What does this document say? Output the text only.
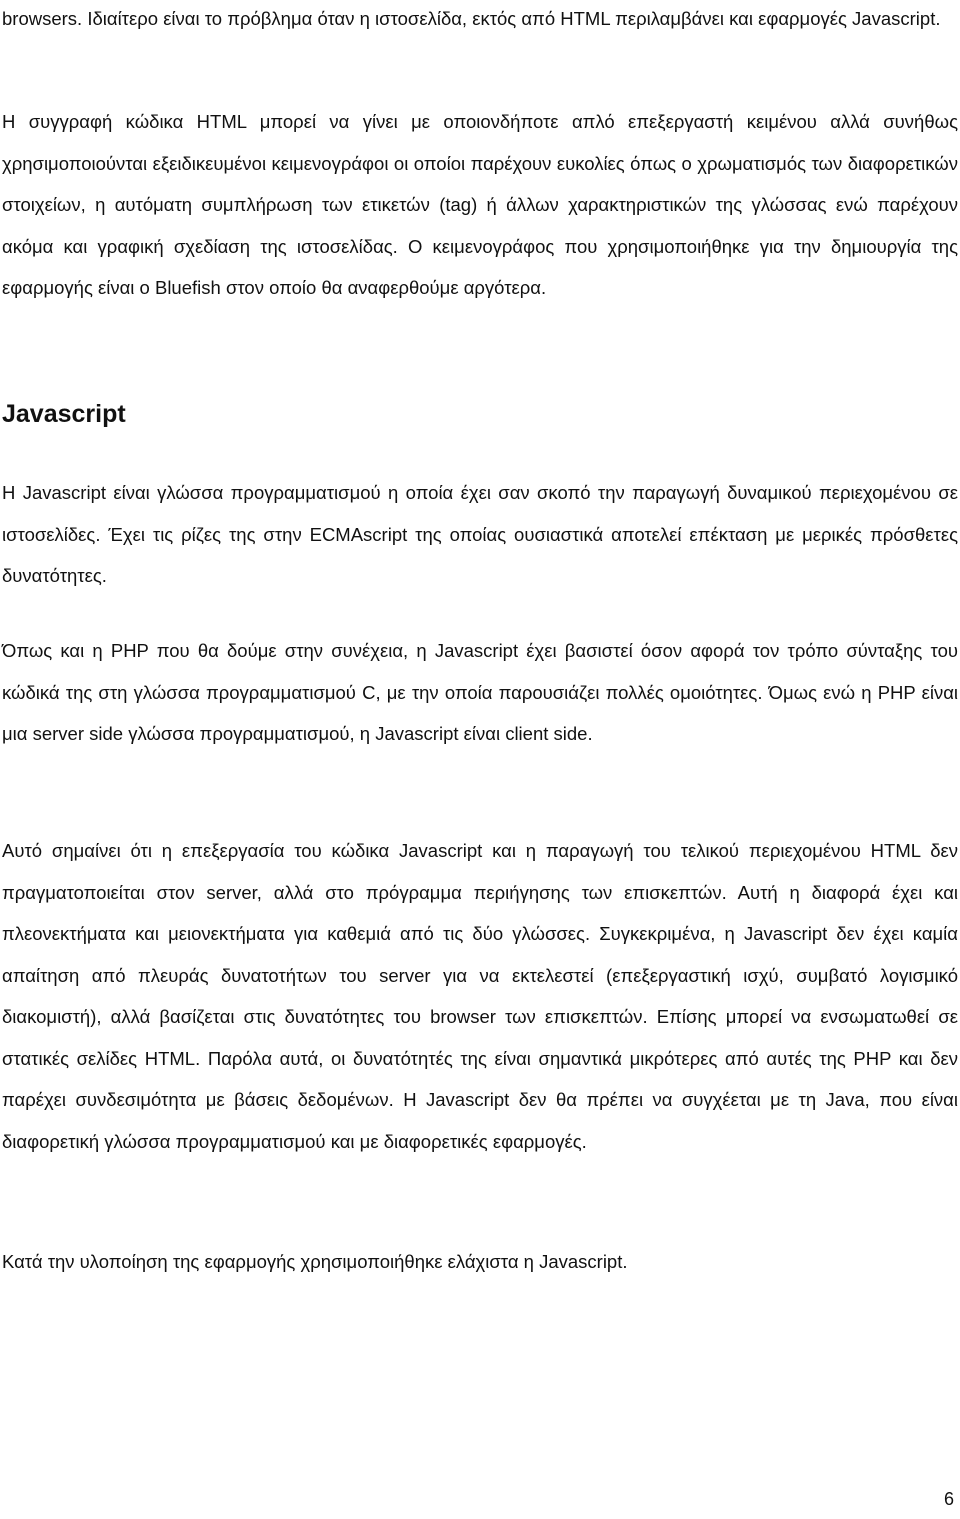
browsers. Ιδιαίτερο είναι το πρόβλημα όταν η ιστοσελίδα, εκτός από HTML περιλαμβάνει και εφαρμογές Javascript.

Η συγγραφή κώδικα HTML μπορεί να γίνει με οποιονδήποτε απλό επεξεργαστή κειμένου αλλά συνήθως χρησιμοποιούνται εξειδικευμένοι κειμενογράφοι οι οποίοι παρέχουν ευκολίες όπως ο χρωματισμός των διαφορετικών στοιχείων, η αυτόματη συμπλήρωση των ετικετών (tag) ή άλλων χαρακτηριστικών της γλώσσας ενώ παρέχουν ακόμα και γραφική σχεδίαση της ιστοσελίδας. Ο κειμενογράφος που χρησιμοποιήθηκε για την δημιουργία της εφαρμογής είναι ο Bluefish στον οποίο θα αναφερθούμε αργότερα.

Javascript

Η Javascript είναι γλώσσα προγραμματισμού η οποία έχει σαν σκοπό την παραγωγή δυναμικού περιεχομένου σε ιστοσελίδες. Έχει τις ρίζες της στην ECMAscript της οποίας ουσιαστικά αποτελεί επέκταση με μερικές πρόσθετες δυνατότητες.

Όπως και η PHP που θα δούμε στην συνέχεια, η Javascript έχει βασιστεί όσον αφορά τον τρόπο σύνταξης του κώδικά της στη γλώσσα προγραμματισμού C, με την οποία παρουσιάζει πολλές ομοιότητες. Όμως ενώ η PHP είναι μια server side γλώσσα προγραμματισμού, η Javascript είναι client side.

Αυτό σημαίνει ότι η επεξεργασία του κώδικα Javascript και η παραγωγή του τελικού περιεχομένου HTML δεν πραγματοποιείται στον server, αλλά στο πρόγραμμα περιήγησης των επισκεπτών. Αυτή η διαφορά έχει και πλεονεκτήματα και μειονεκτήματα για καθεμιά από τις δύο γλώσσες. Συγκεκριμένα, η Javascript δεν έχει καμία απαίτηση από πλευράς δυνατοτήτων του server για να εκτελεστεί (επεξεργαστική ισχύ, συμβατό λογισμικό διακομιστή), αλλά βασίζεται στις δυνατότητες του browser των επισκεπτών. Επίσης μπορεί να ενσωματωθεί σε στατικές σελίδες HTML. Παρόλα αυτά, οι δυνατότητές της είναι σημαντικά μικρότερες από αυτές της PHP και δεν παρέχει συνδεσιμότητα με βάσεις δεδομένων. Η Javascript δεν θα πρέπει να συγχέεται με τη Java, που είναι διαφορετική γλώσσα προγραμματισμού και με διαφορετικές εφαρμογές.

Κατά την υλοποίηση της εφαρμογής χρησιμοποιήθηκε ελάχιστα η Javascript.

6
